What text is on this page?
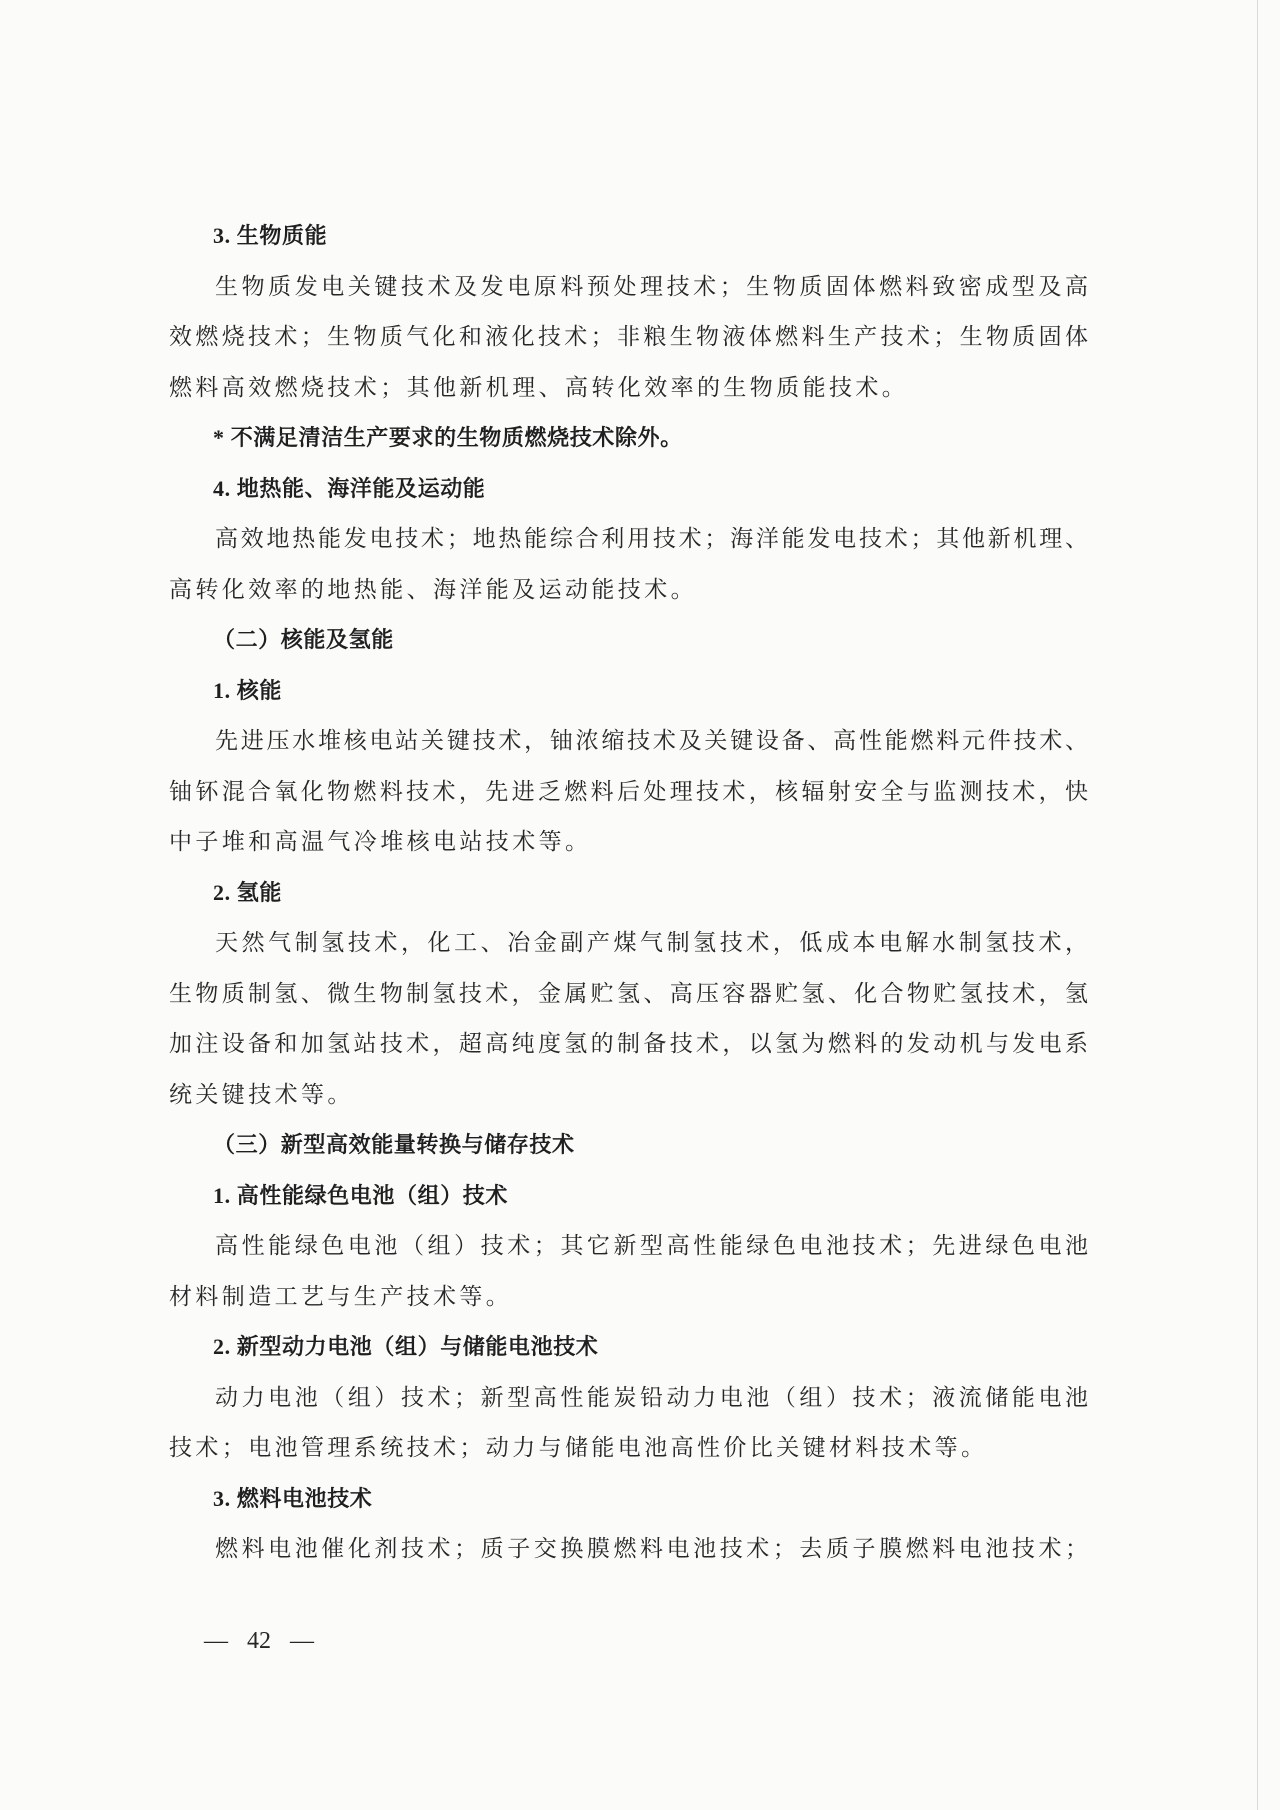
3. 生物质能
生物质发电关键技术及发电原料预处理技术；生物质固体燃料致密成型及高
效燃烧技术；生物质气化和液化技术；非粮生物液体燃料生产技术；生物质固体
燃料高效燃烧技术；其他新机理、高转化效率的生物质能技术。
* 不满足清洁生产要求的生物质燃烧技术除外。
4. 地热能、海洋能及运动能
高效地热能发电技术；地热能综合利用技术；海洋能发电技术；其他新机理、
高转化效率的地热能、海洋能及运动能技术。
（二）核能及氢能
1. 核能
先进压水堆核电站关键技术，铀浓缩技术及关键设备、高性能燃料元件技术、
铀钚混合氧化物燃料技术，先进乏燃料后处理技术，核辐射安全与监测技术，快
中子堆和高温气冷堆核电站技术等。
2. 氢能
天然气制氢技术，化工、冶金副产煤气制氢技术，低成本电解水制氢技术，
生物质制氢、微生物制氢技术，金属贮氢、高压容器贮氢、化合物贮氢技术，氢
加注设备和加氢站技术，超高纯度氢的制备技术，以氢为燃料的发动机与发电系
统关键技术等。
（三）新型高效能量转换与储存技术
1. 高性能绿色电池（组）技术
高性能绿色电池（组）技术；其它新型高性能绿色电池技术；先进绿色电池
材料制造工艺与生产技术等。
2. 新型动力电池（组）与储能电池技术
动力电池（组）技术；新型高性能炭铅动力电池（组）技术；液流储能电池
技术；电池管理系统技术；动力与储能电池高性价比关键材料技术等。
3. 燃料电池技术
燃料电池催化剂技术；质子交换膜燃料电池技术；去质子膜燃料电池技术；
— 42 —
